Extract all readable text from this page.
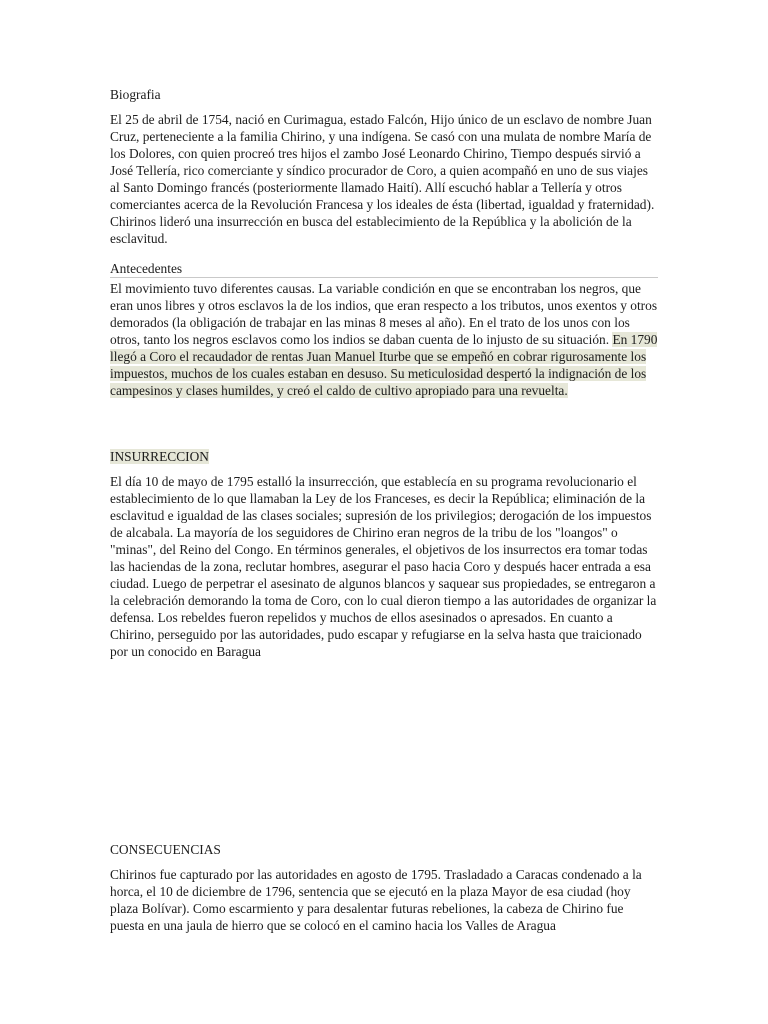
Biografia

El 25 de abril de 1754, nació en Curimagua, estado Falcón, Hijo único de un esclavo de nombre Juan Cruz, perteneciente a la familia Chirino, y una indígena. Se casó con una mulata de nombre María de los Dolores, con quien procreó tres hijos el zambo José Leonardo Chirino, Tiempo después sirvió a José Tellería, rico comerciante y síndico procurador de Coro, a quien acompañó en uno de sus viajes al Santo Domingo francés (posteriormente llamado Haití). Allí escuchó hablar a Tellería y otros comerciantes acerca de la Revolución Francesa y los ideales de ésta (libertad, igualdad y fraternidad). Chirinos lideró una insurrección en busca del establecimiento de la República y la abolición de la esclavitud.

Antecedentes

El movimiento tuvo diferentes causas. La variable condición en que se encontraban los negros, que eran unos libres y otros esclavos la de los indios, que eran respecto a los tributos, unos exentos y otros demorados (la obligación de trabajar en las minas 8 meses al año). En el trato de los unos con los otros, tanto los negros esclavos como los indios se daban cuenta de lo injusto de su situación. En 1790 llegó a Coro el recaudador de rentas Juan Manuel Iturbe que se empeñó en cobrar rigurosamente los impuestos, muchos de los cuales estaban en desuso. Su meticulosidad despertó la indignación de los campesinos y clases humildes, y creó el caldo de cultivo apropiado para una revuelta.

INSURRECCION

El día 10 de mayo de 1795 estalló la insurrección, que establecía en su programa revolucionario el establecimiento de lo que llamaban la Ley de los Franceses, es decir la República; eliminación de la esclavitud e igualdad de las clases sociales; supresión de los privilegios; derogación de los impuestos de alcabala. La mayoría de los seguidores de Chirino eran negros de la tribu de los "loangos" o "minas", del Reino del Congo. En términos generales, el objetivos de los insurrectos era tomar todas las haciendas de la zona, reclutar hombres, asegurar el paso hacia Coro y después hacer entrada a esa ciudad. Luego de perpetrar el asesinato de algunos blancos y saquear sus propiedades, se entregaron a la celebración demorando la toma de Coro, con lo cual dieron tiempo a las autoridades de organizar la defensa. Los rebeldes fueron repelidos y muchos de ellos asesinados o apresados. En cuanto a Chirino, perseguido por las autoridades, pudo escapar y refugiarse en la selva hasta que traicionado por un conocido en Baragua

CONSECUENCIAS

Chirinos fue capturado por las autoridades en agosto de 1795. Trasladado a Caracas condenado a la horca, el 10 de diciembre de 1796, sentencia que se ejecutó en la plaza Mayor de esa ciudad (hoy plaza Bolívar). Como escarmiento y para desalentar futuras rebeliones, la cabeza de Chirino fue puesta en una jaula de hierro que se colocó en el camino hacia los Valles de Aragua
